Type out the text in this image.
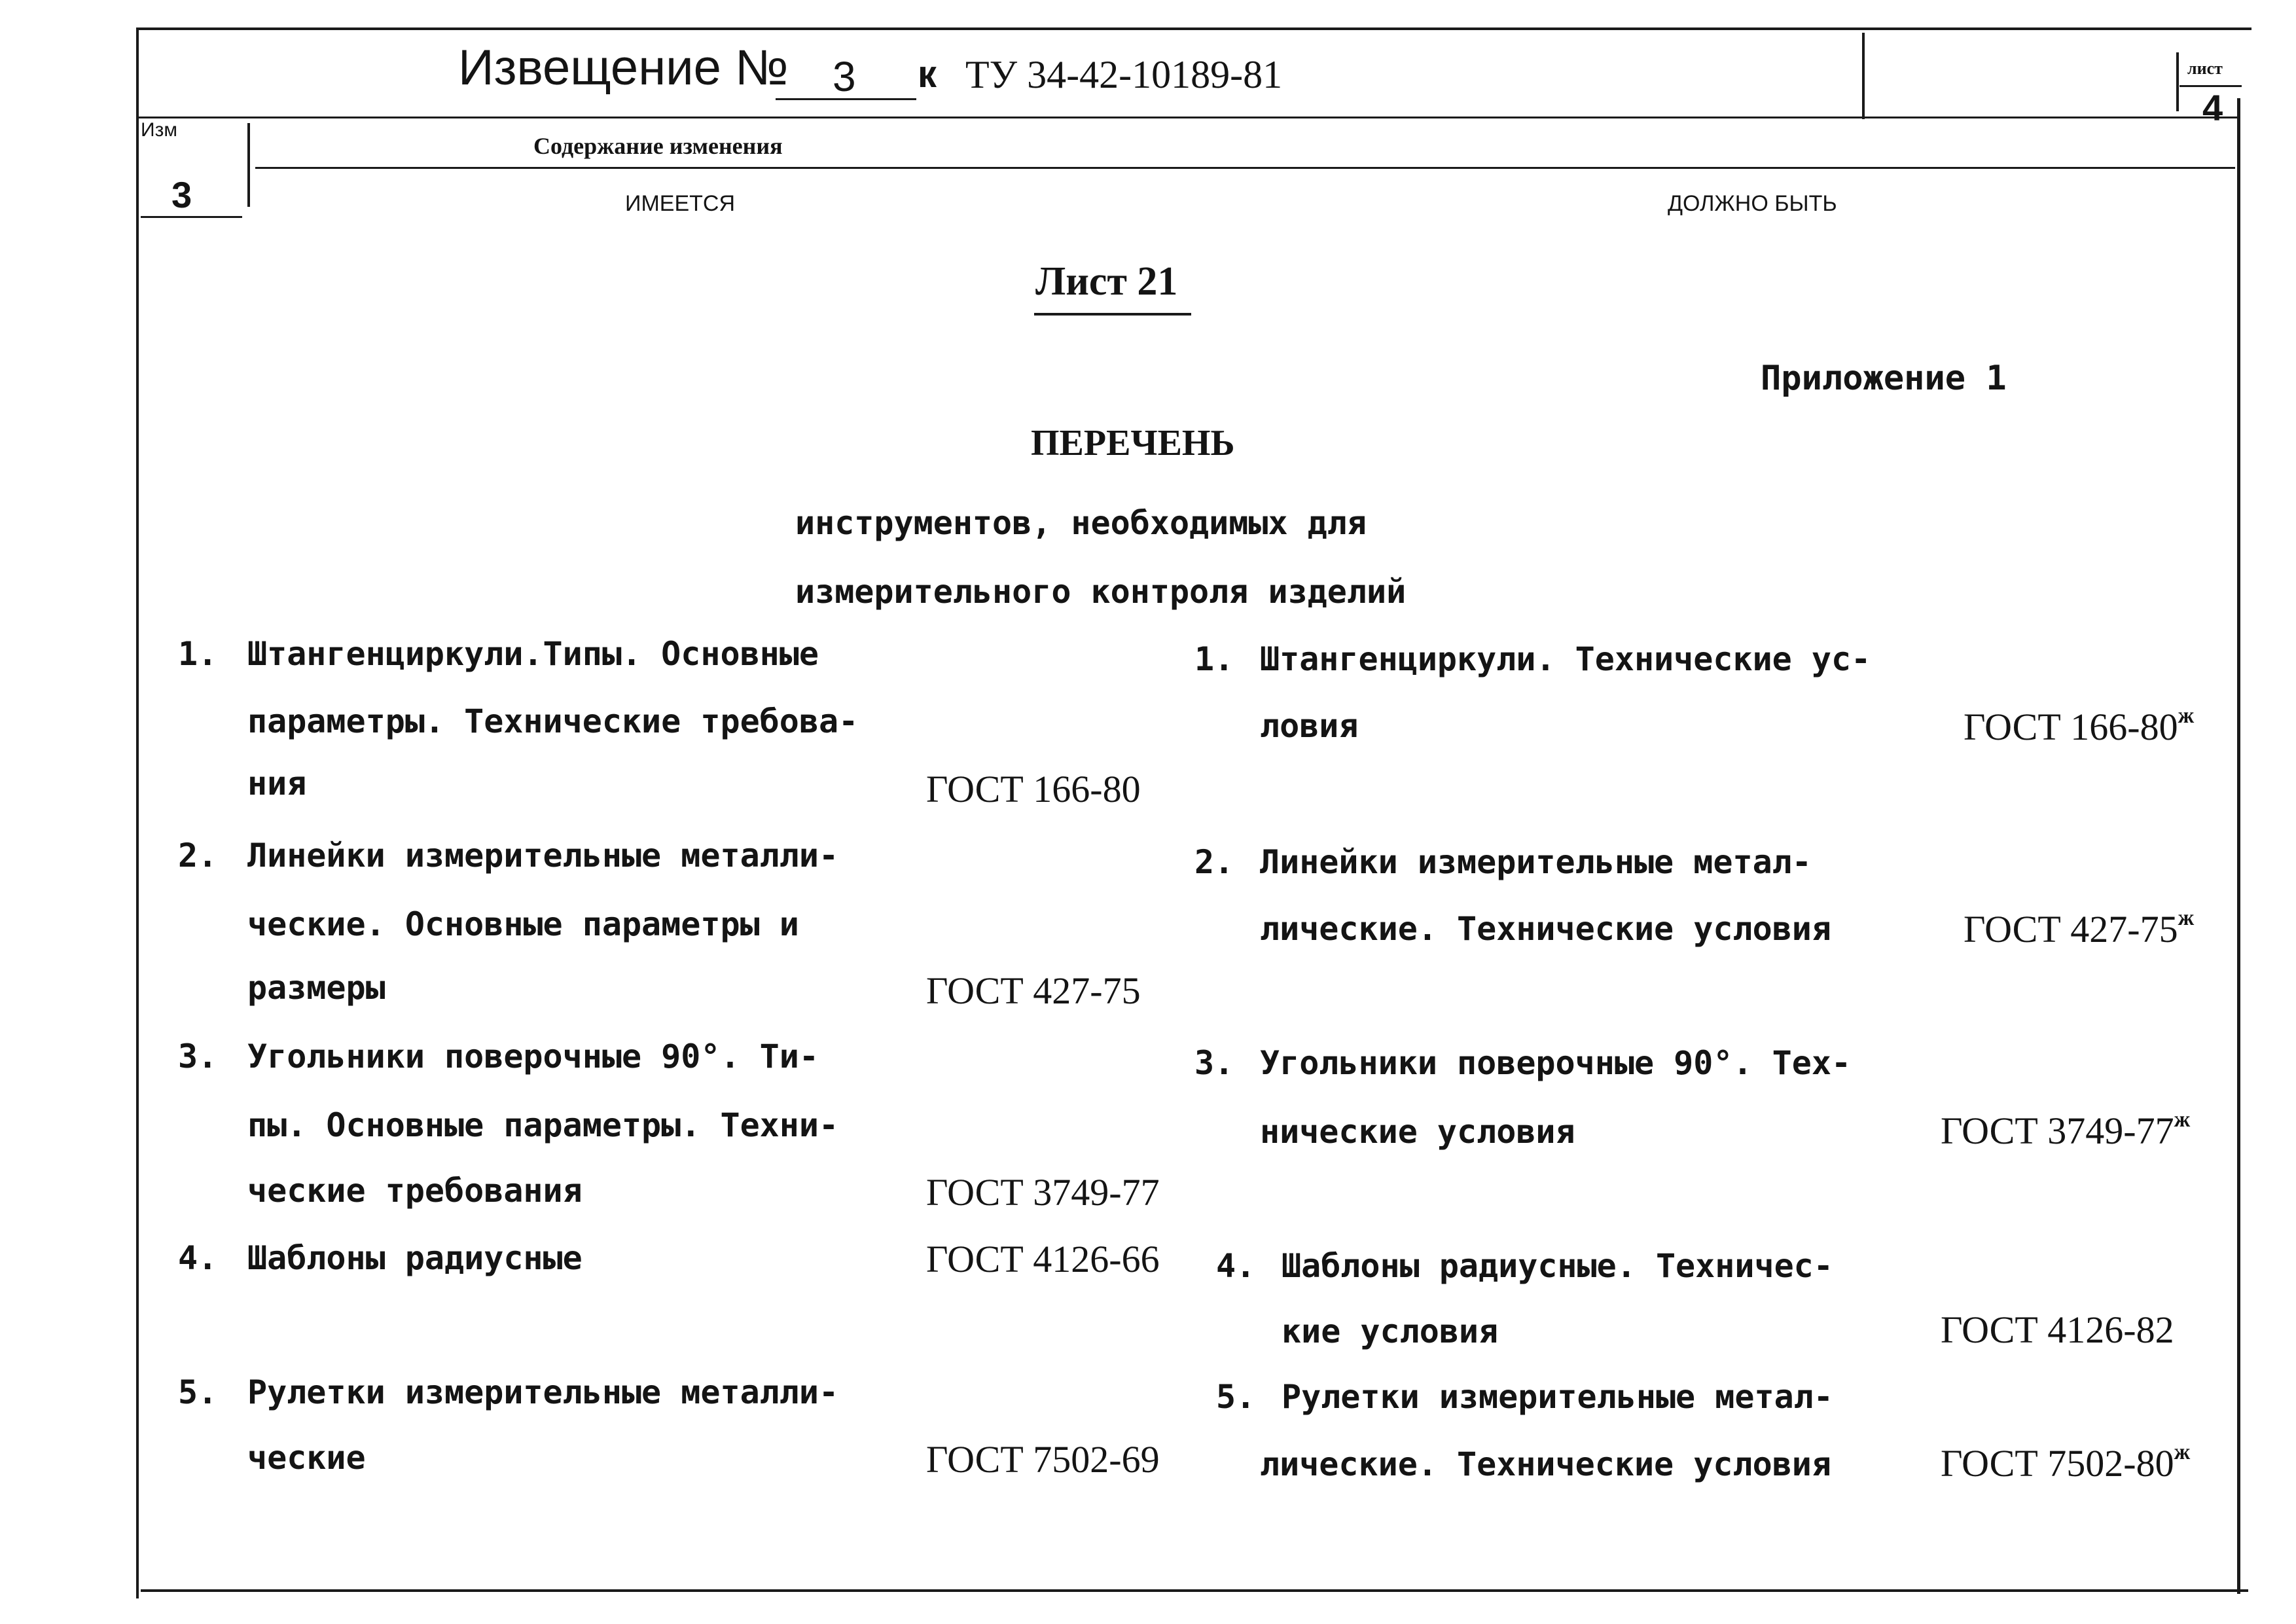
Извещение № 3 к ТУ 34-42-10189-81	лист
4
Изм
3
Содержание изменения
ИМЕЕТСЯ	ДОЛЖНО БЫТЬ
Лист 21
Приложение 1
ПЕРЕЧЕНЬ
инструментов, необходимых для
измерительного контроля изделий
1. Штангенциркули.Типы. Основные
параметры. Технические требова-
ния	ГОСТ 166-80
2. Линейки измерительные металли-
ческие. Основные параметры и
размеры	ГОСТ 427-75
3. Угольники поверочные 90°. Ти-
пы. Основные параметры. Техни-
ческие требования	ГОСТ 3749-77
4. Шаблоны радиусные	ГОСТ 4126-66
5. Рулетки измерительные металли-
ческие	ГОСТ 7502-69
1. Штангенциркули. Технические ус-
ловия	ГОСТ $166-80^ж$
2. Линейки измерительные метал-
лические. Технические условия	ГОСТ $427-75^ж$
3. Угольники поверочные 90°. Тех-
нические условия	ГОСТ $3749-77^ж$
4. Шаблоны радиусные. Техничес-
кие условия	ГОСТ 4126-82
5. Рулетки измерительные метал-
лические. Технические условия	ГОСТ $7502-80^ж$
